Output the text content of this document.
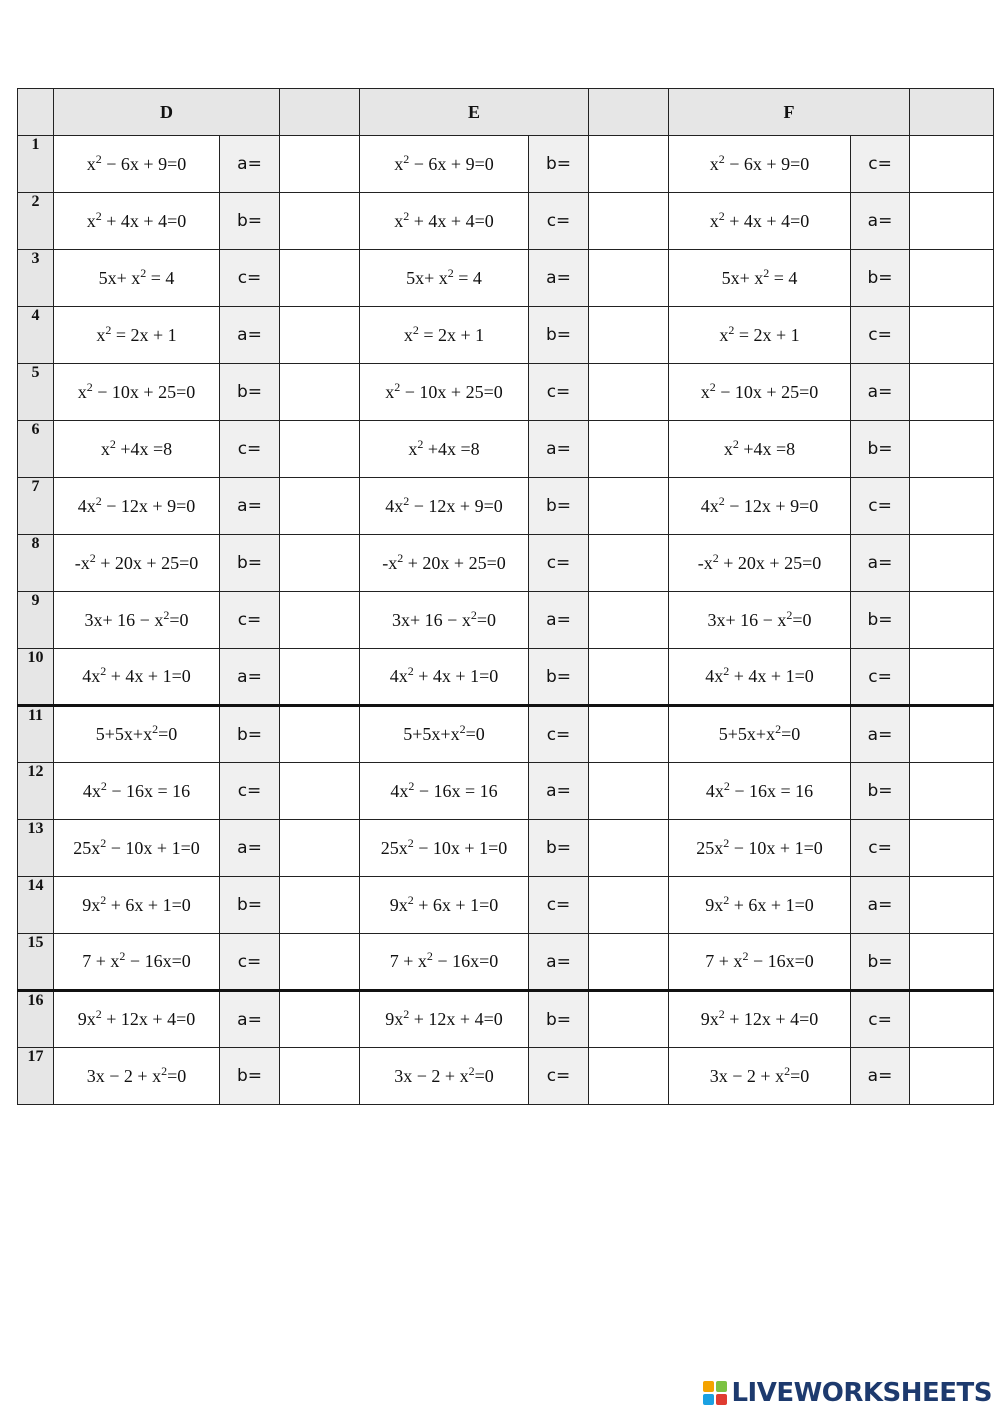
	D			E			F		
1	$x^2 - 6x + 9=0$	a=		$x^2 - 6x + 9=0$	b=		$x^2 - 6x + 9=0$	c=	
2	$x^2 + 4x + 4=0$	b=		$x^2 + 4x + 4=0$	c=		$x^2 + 4x + 4=0$	a=	
3	$5x+ x^2 = 4$	c=		$5x+ x^2 = 4$	a=		$5x+ x^2 = 4$	b=	
4	$x^2 = 2x + 1$	a=		$x^2 = 2x + 1$	b=		$x^2 = 2x + 1$	c=	
5	$x^2 - 10x + 25=0$	b=		$x^2 - 10x + 25=0$	c=		$x^2 - 10x + 25=0$	a=	
6	$x^2 +4x =8$	c=		$x^2 +4x =8$	a=		$x^2 +4x =8$	b=	
7	$4x^2 - 12x + 9=0$	a=		$4x^2 - 12x + 9=0$	b=		$4x^2 - 12x + 9=0$	c=	
8	$-x^2 + 20x + 25=0$	b=		$-x^2 + 20x + 25=0$	c=		$-x^2 + 20x + 25=0$	a=	
9	$3x+ 16 - x^2=0$	c=		$3x+ 16 - x^2=0$	a=		$3x+ 16 - x^2=0$	b=	
10	$4x^2 + 4x + 1=0$	a=		$4x^2 + 4x + 1=0$	b=		$4x^2 + 4x + 1=0$	c=	
11	$5+5x+x^2=0$	b=		$5+5x+x^2=0$	c=		$5+5x+x^2=0$	a=	
12	$4x^2 - 16x = 16$	c=		$4x^2 - 16x = 16$	a=		$4x^2 - 16x = 16$	b=	
13	$25x^2 - 10x + 1=0$	a=		$25x^2 - 10x + 1=0$	b=		$25x^2 - 10x + 1=0$	c=	
14	$9x^2 + 6x + 1=0$	b=		$9x^2 + 6x + 1=0$	c=		$9x^2 + 6x + 1=0$	a=	
15	$7 + x^2 - 16x=0$	c=		$7 + x^2 - 16x=0$	a=		$7 + x^2 - 16x=0$	b=	
16	$9x^2 + 12x + 4=0$	a=		$9x^2 + 12x + 4=0$	b=		$9x^2 + 12x + 4=0$	c=	
17	$3x - 2 + x^2=0$	b=		$3x - 2 + x^2=0$	c=		$3x - 2 + x^2=0$	a=	
LIVEWORKSHEETS
